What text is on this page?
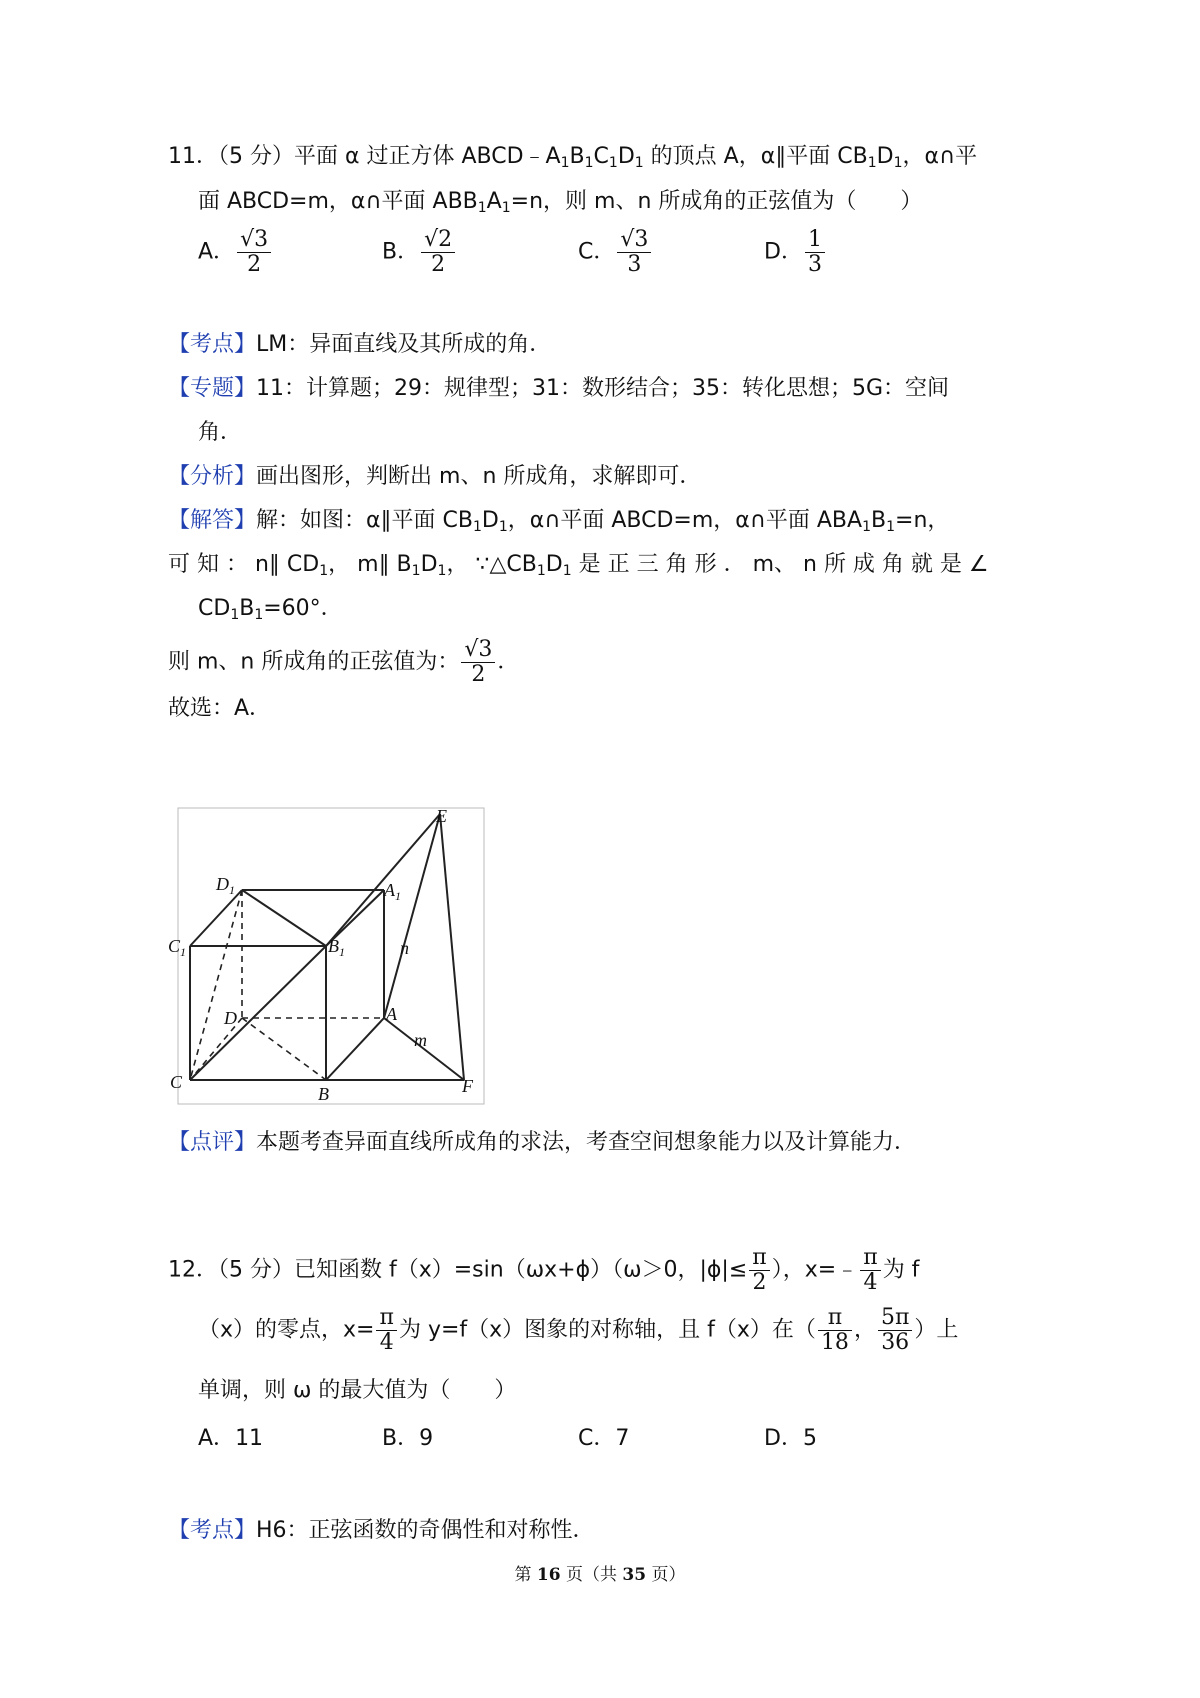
11．（5 分）平面 α 过正方体 $ABCD﹣A_1B_1C_1D_1$ 的顶点 A，α∥平面 $CB_1D_1$，α∩平
面 ABCD=m，α∩平面 $ABB_1A_1=n$，则 m、n 所成角的正弦值为（　　）
A． $\frac{√3}{2}$	B． $\frac{√2}{2}$	C． $\frac{√3}{3}$	D． $\frac{1}{3}$
【考点】LM：异面直线及其所成的角．
【专题】11：计算题；29：规律型；31：数形结合；35：转化思想；5G：空间
角．
【分析】画出图形，判断出 m、n 所成角，求解即可．
【解答】解：如图：α∥平面 $CB_1D_1$，α∩平面 ABCD=m，α∩平面 $ABA_1B_1=n$，
可 知 ： n∥ $CD_1$， m∥ $B_1D_1$， $\because\triangle CB_1D_1$ 是 正 三 角 形 ． m、 n 所 成 角 就 是 ∠
$CD_1B_1=60^\circ$．
则 m、n 所成角的正弦值为： $\frac{√3}{2}$ ．
故选：A．
E
$D_1$	$A_1$
$C_1$	$B_1$	n
D	A
m
C
B	F
【点评】本题考查异面直线所成角的求法，考查空间想象能力以及计算能力．
12．（5 分）已知函数 f（x）=sin（ωx+ϕ）（ω＞0，$|\phi|\le \frac{\pi}{2}$ ），x=﹣ $\frac{\pi}{4}$ 为 f
（x）的零点，$x= \frac{\pi}{4}$ 为 y=f（x）图象的对称轴，且 f（x）在（ $\frac{\pi}{18}$ ， $\frac{5\pi}{36}$ ）上
单调，则 ω 的最大值为（　　）
A．11	B．9	C．7	D．5
【考点】H6：正弦函数的奇偶性和对称性．
第 16 页（共 35 页）
